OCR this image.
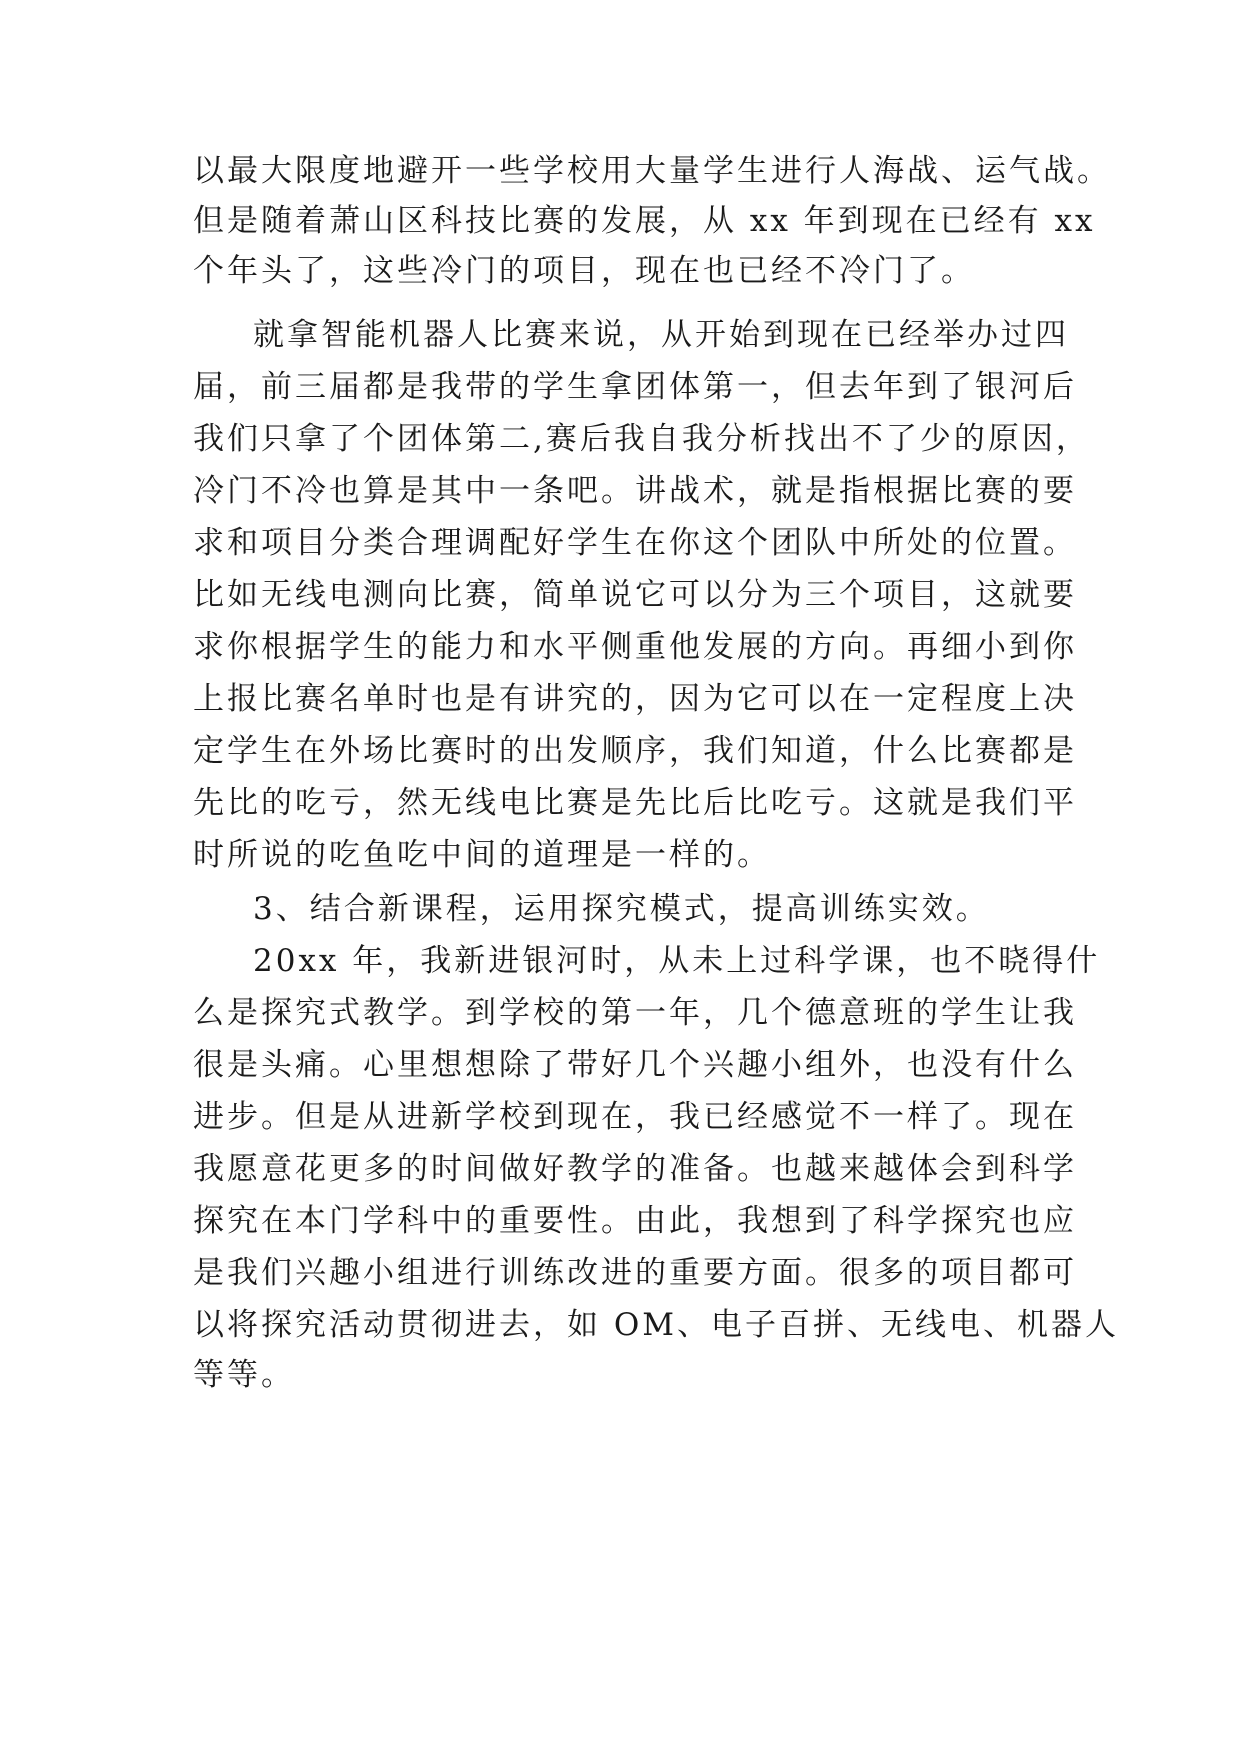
以最大限度地避开一些学校用大量学生进行人海战、运气战。
但是随着萧山区科技比赛的发展，从 xx 年到现在已经有 xx
个年头了，这些冷门的项目，现在也已经不冷门了。
就拿智能机器人比赛来说，从开始到现在已经举办过四
届，前三届都是我带的学生拿团体第一，但去年到了银河后
我们只拿了个团体第二,赛后我自我分析找出不了少的原因，
冷门不冷也算是其中一条吧。讲战术，就是指根据比赛的要
求和项目分类合理调配好学生在你这个团队中所处的位置。
比如无线电测向比赛，简单说它可以分为三个项目，这就要
求你根据学生的能力和水平侧重他发展的方向。再细小到你
上报比赛名单时也是有讲究的，因为它可以在一定程度上决
定学生在外场比赛时的出发顺序，我们知道，什么比赛都是
先比的吃亏，然无线电比赛是先比后比吃亏。这就是我们平
时所说的吃鱼吃中间的道理是一样的。
3、结合新课程，运用探究模式，提高训练实效。
20xx 年，我新进银河时，从未上过科学课，也不晓得什
么是探究式教学。到学校的第一年，几个德意班的学生让我
很是头痛。心里想想除了带好几个兴趣小组外，也没有什么
进步。但是从进新学校到现在，我已经感觉不一样了。现在
我愿意花更多的时间做好教学的准备。也越来越体会到科学
探究在本门学科中的重要性。由此，我想到了科学探究也应
是我们兴趣小组进行训练改进的重要方面。很多的项目都可
以将探究活动贯彻进去，如 OM、电子百拼、无线电、机器人
等等。
